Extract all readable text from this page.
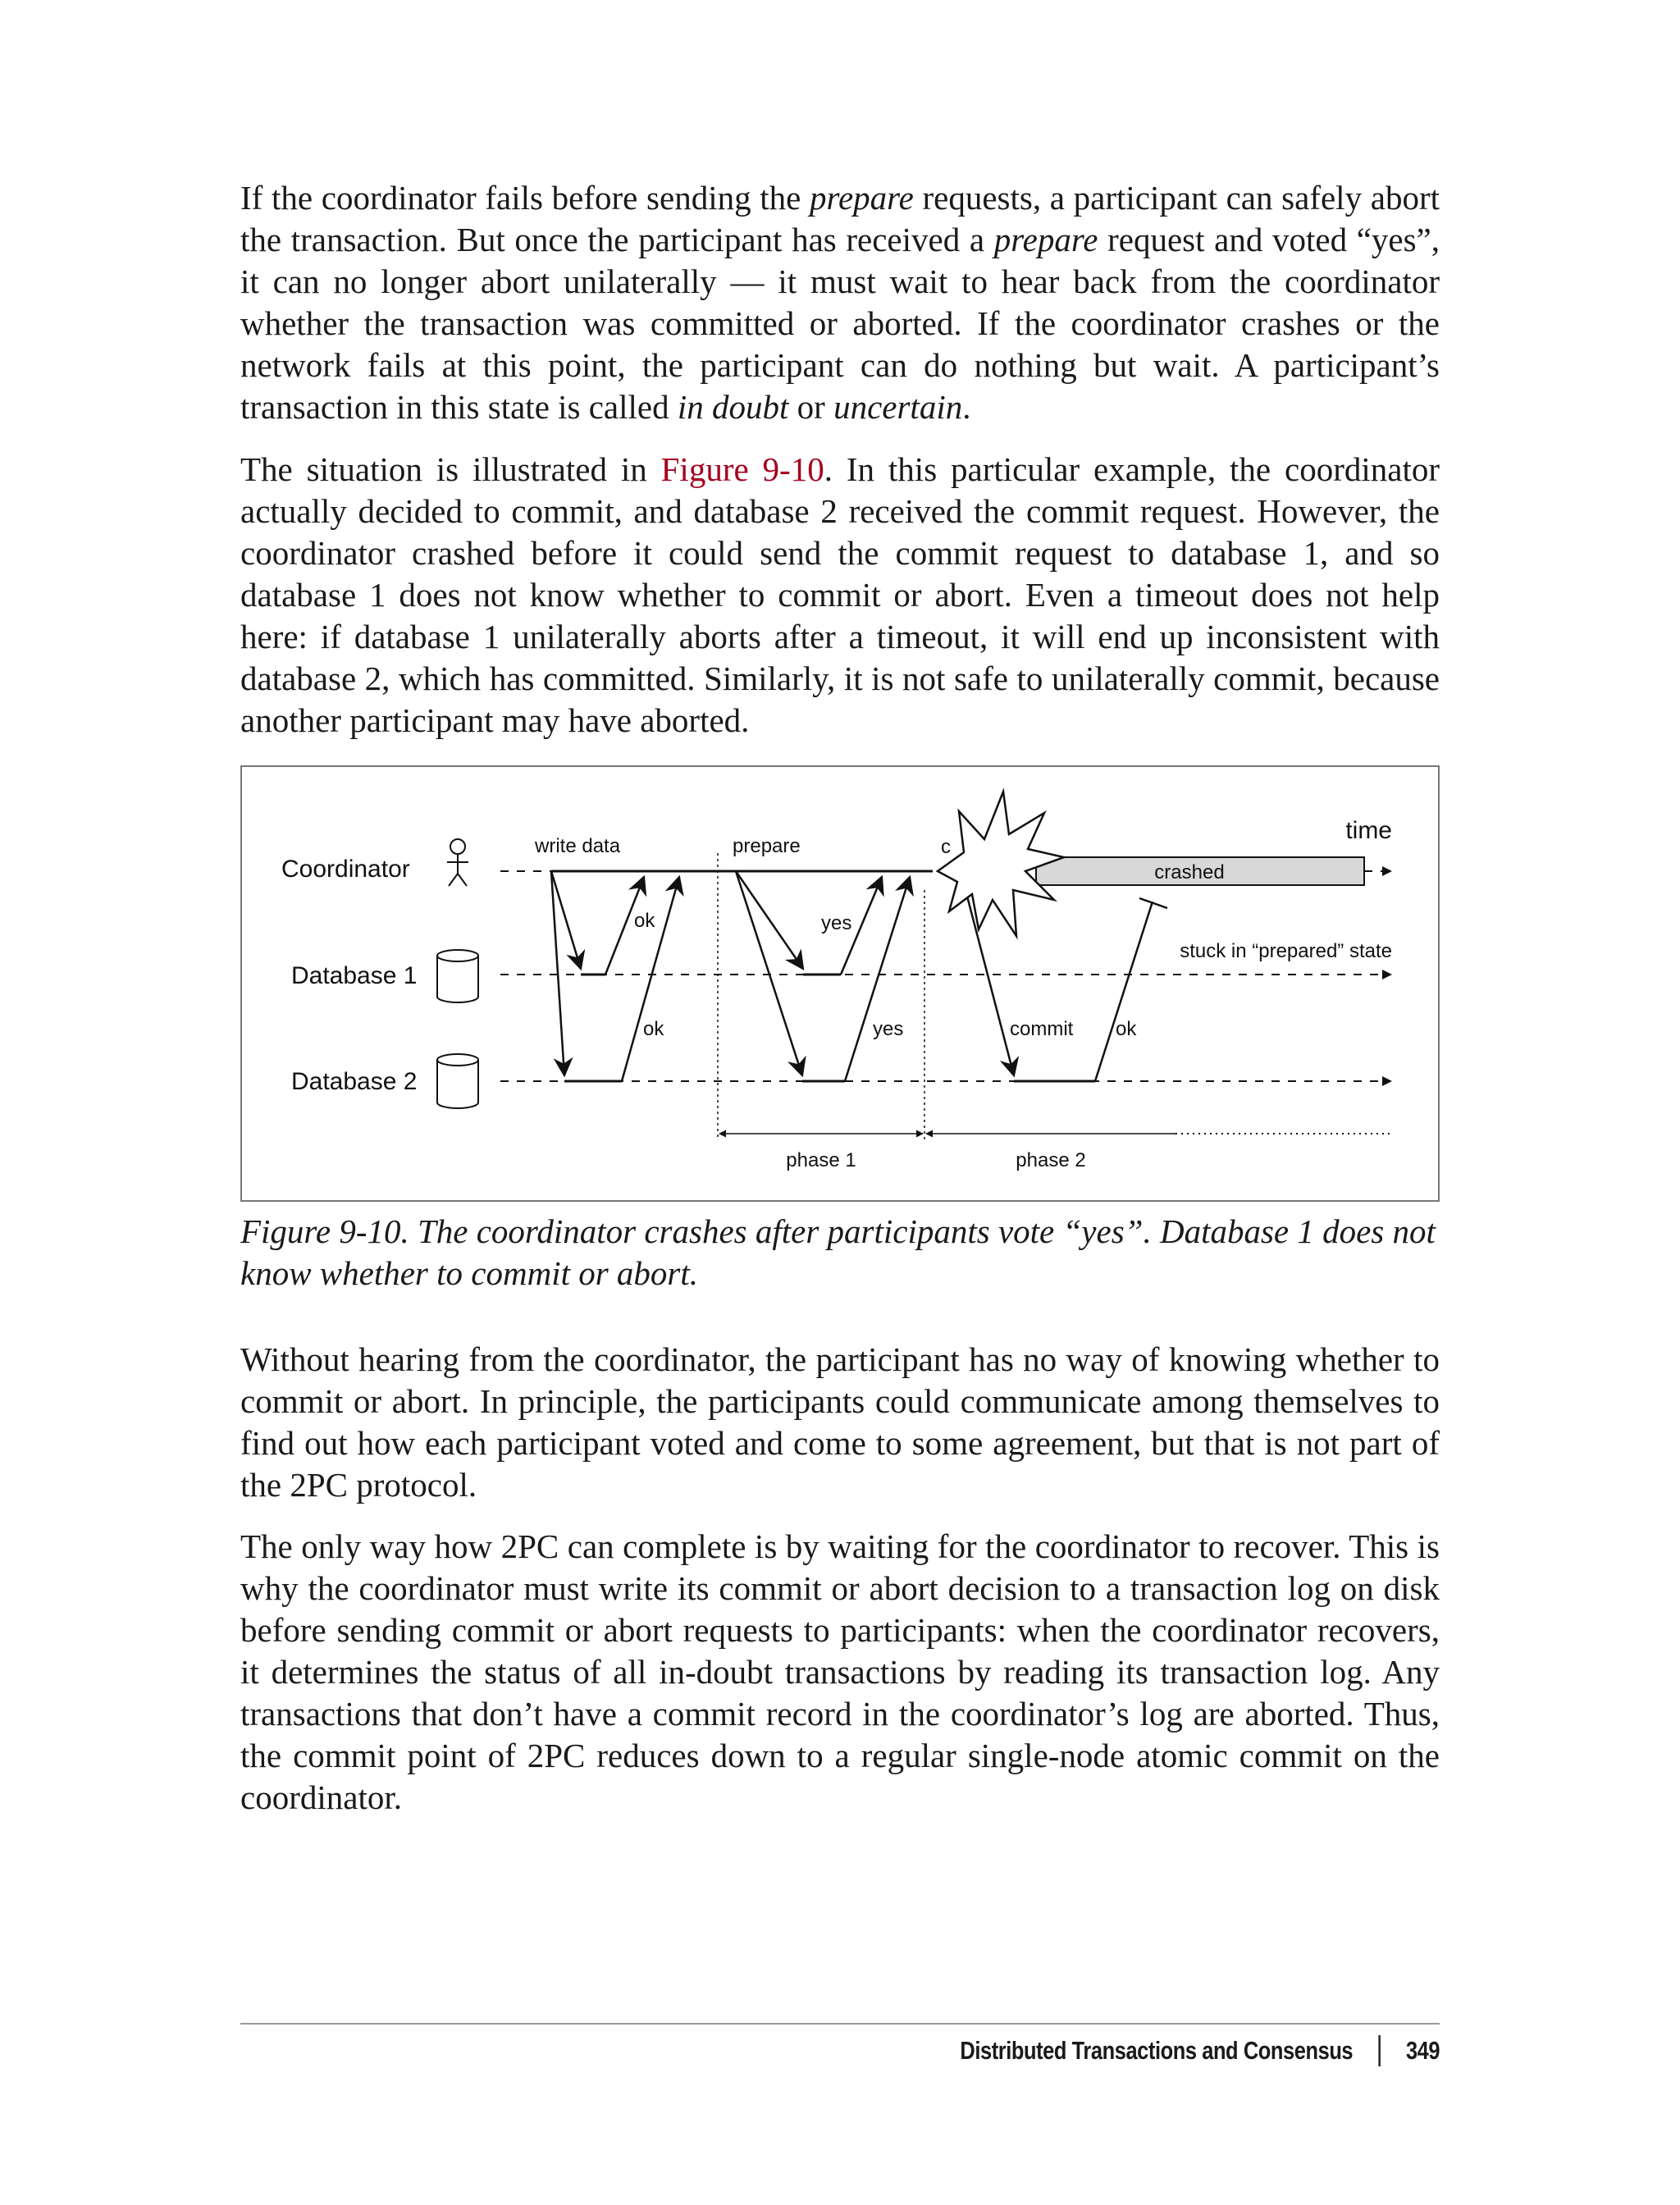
If the coordinator fails before sending the prepare requests, a participant can safely abort the transaction. But once the participant has received a prepare request and voted “yes”, it can no longer abort unilaterally — it must wait to hear back from the coordinator whether the transaction was committed or aborted. If the coordinator crashes or the network fails at this point, the participant can do nothing but wait. A participant’s transaction in this state is called in doubt or uncertain.

The situation is illustrated in Figure 9-10. In this particular example, the coordinator actually decided to commit, and database 2 received the commit request. However, the coordinator crashed before it could send the commit request to database 1, and so database 1 does not know whether to commit or abort. Even a timeout does not help here: if database 1 unilaterally aborts after a timeout, it will end up inconsistent with database 2, which has committed. Similarly, it is not safe to unilaterally commit, because another participant may have aborted.

Coordinator
Database 1
Database 2
crashed
c
write data	prepare
ok
ok
yes
yes	commit ok
time
stuck in “prepared” state
phase 1	phase 2

Figure 9-10. The coordinator crashes after participants vote “yes”. Database 1 does not know whether to commit or abort.

Without hearing from the coordinator, the participant has no way of knowing whether to commit or abort. In principle, the participants could communicate among themselves to find out how each participant voted and come to some agreement, but that is not part of the 2PC protocol.

The only way how 2PC can complete is by waiting for the coordinator to recover. This is why the coordinator must write its commit or abort decision to a transaction log on disk before sending commit or abort requests to participants: when the coordinator recovers, it determines the status of all in-doubt transactions by reading its transaction log. Any transactions that don’t have a commit record in the coordinator’s log are aborted. Thus, the commit point of 2PC reduces down to a regular single-node atomic commit on the coordinator.

Distributed Transactions and Consensus 349
